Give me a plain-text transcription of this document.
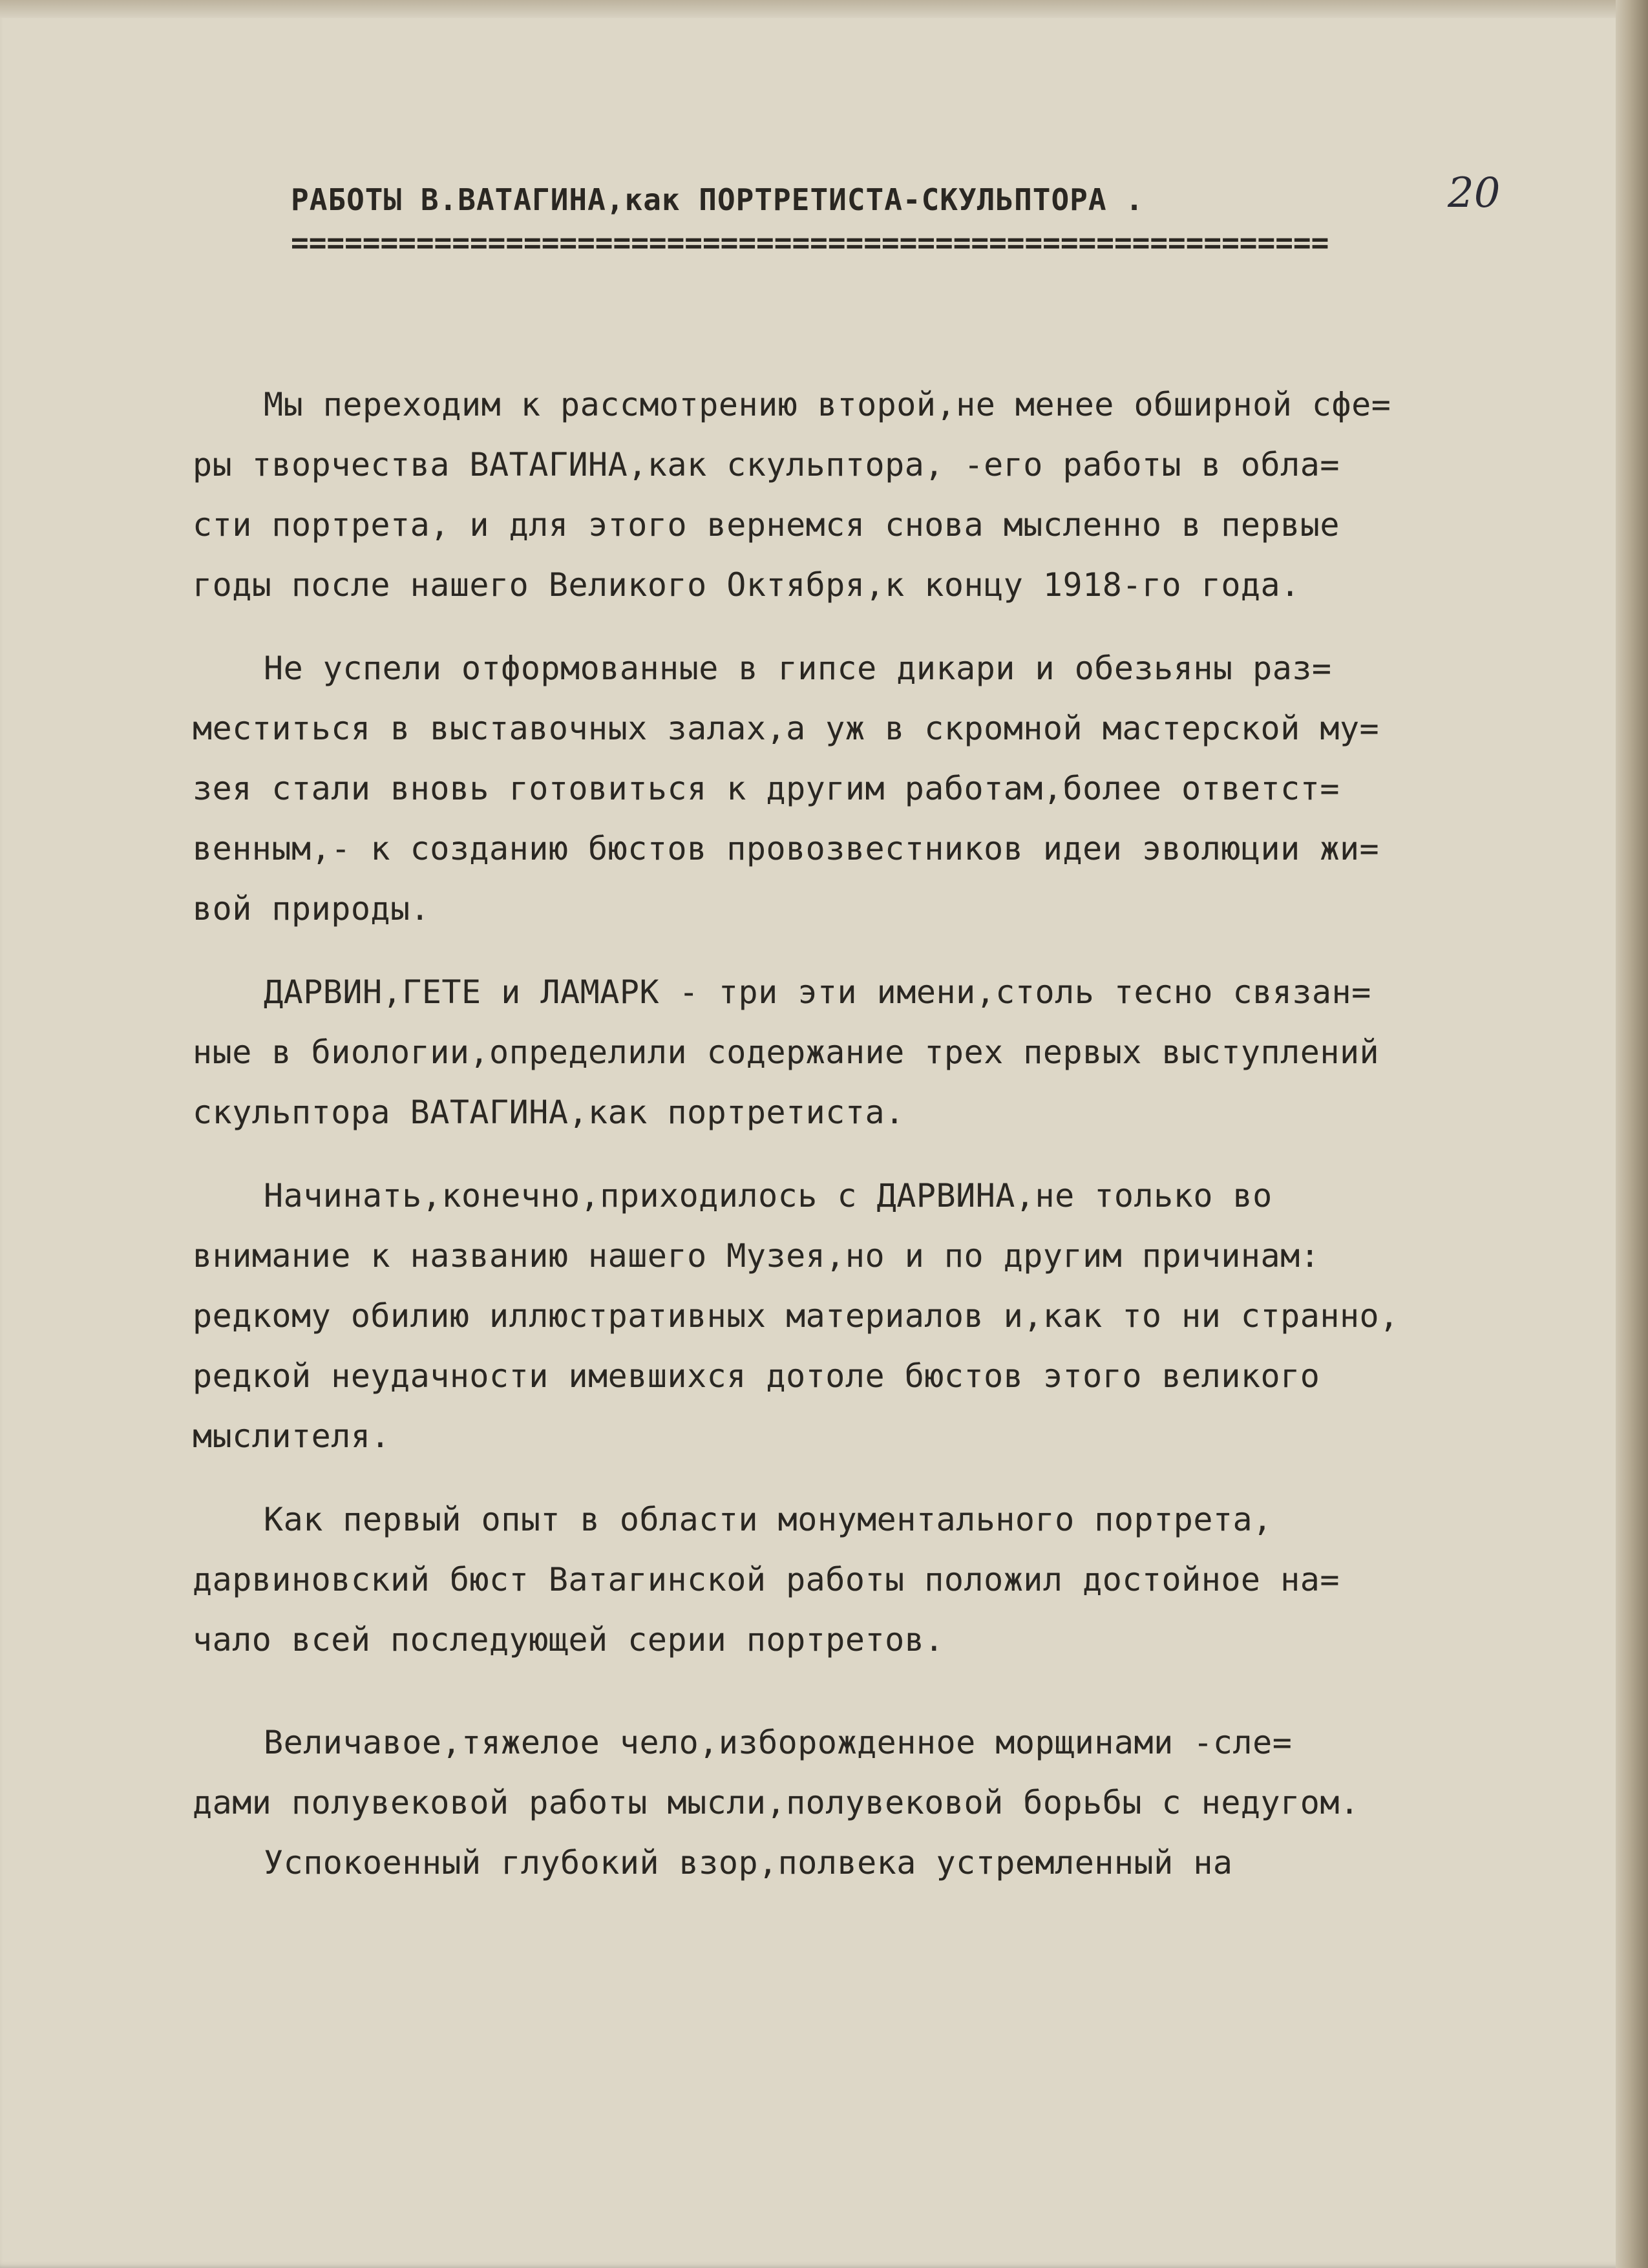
РАБОТЫ В.ВАТАГИНА,как ПОРТРЕТИСТА-СКУЛЬПТОРА .
==========================================================
20
Мы переходим к рассмотрению второй,не менее обширной сфе=
ры творчества ВАТАГИНА,как скульптора, -его работы в обла=
сти портрета, и для этого вернемся снова мысленно в первые
годы после нашего Великого Октября,к концу 1918-го года.
Не успели отформованные в гипсе дикари и обезьяны раз=
меститься в выставочных залах,а уж в скромной мастерской му=
зея стали вновь готовиться к другим работам,более ответст=
венным,- к созданию бюстов провозвестников идеи эволюции жи=
вой природы.
ДАРВИН,ГЕТЕ и ЛАМАРК - три эти имени,столь тесно связан=
ные в биологии,определили содержание трех первых выступлений
скульптора ВАТАГИНА,как портретиста.
Начинать,конечно,приходилось с ДАРВИНА,не только во
внимание к названию нашего Музея,но и по другим причинам:
редкому обилию иллюстративных материалов и,как то ни странно,
редкой неудачности имевшихся дотоле бюстов этого великого
мыслителя.
Как первый опыт в области монументального портрета,
дарвиновский бюст Ватагинской работы положил достойное на=
чало всей последующей серии портретов.
Величавое,тяжелое чело,изборожденное морщинами -сле=
дами полувековой работы мысли,полувековой борьбы с недугом.
Успокоенный глубокий взор,полвека устремленный на
